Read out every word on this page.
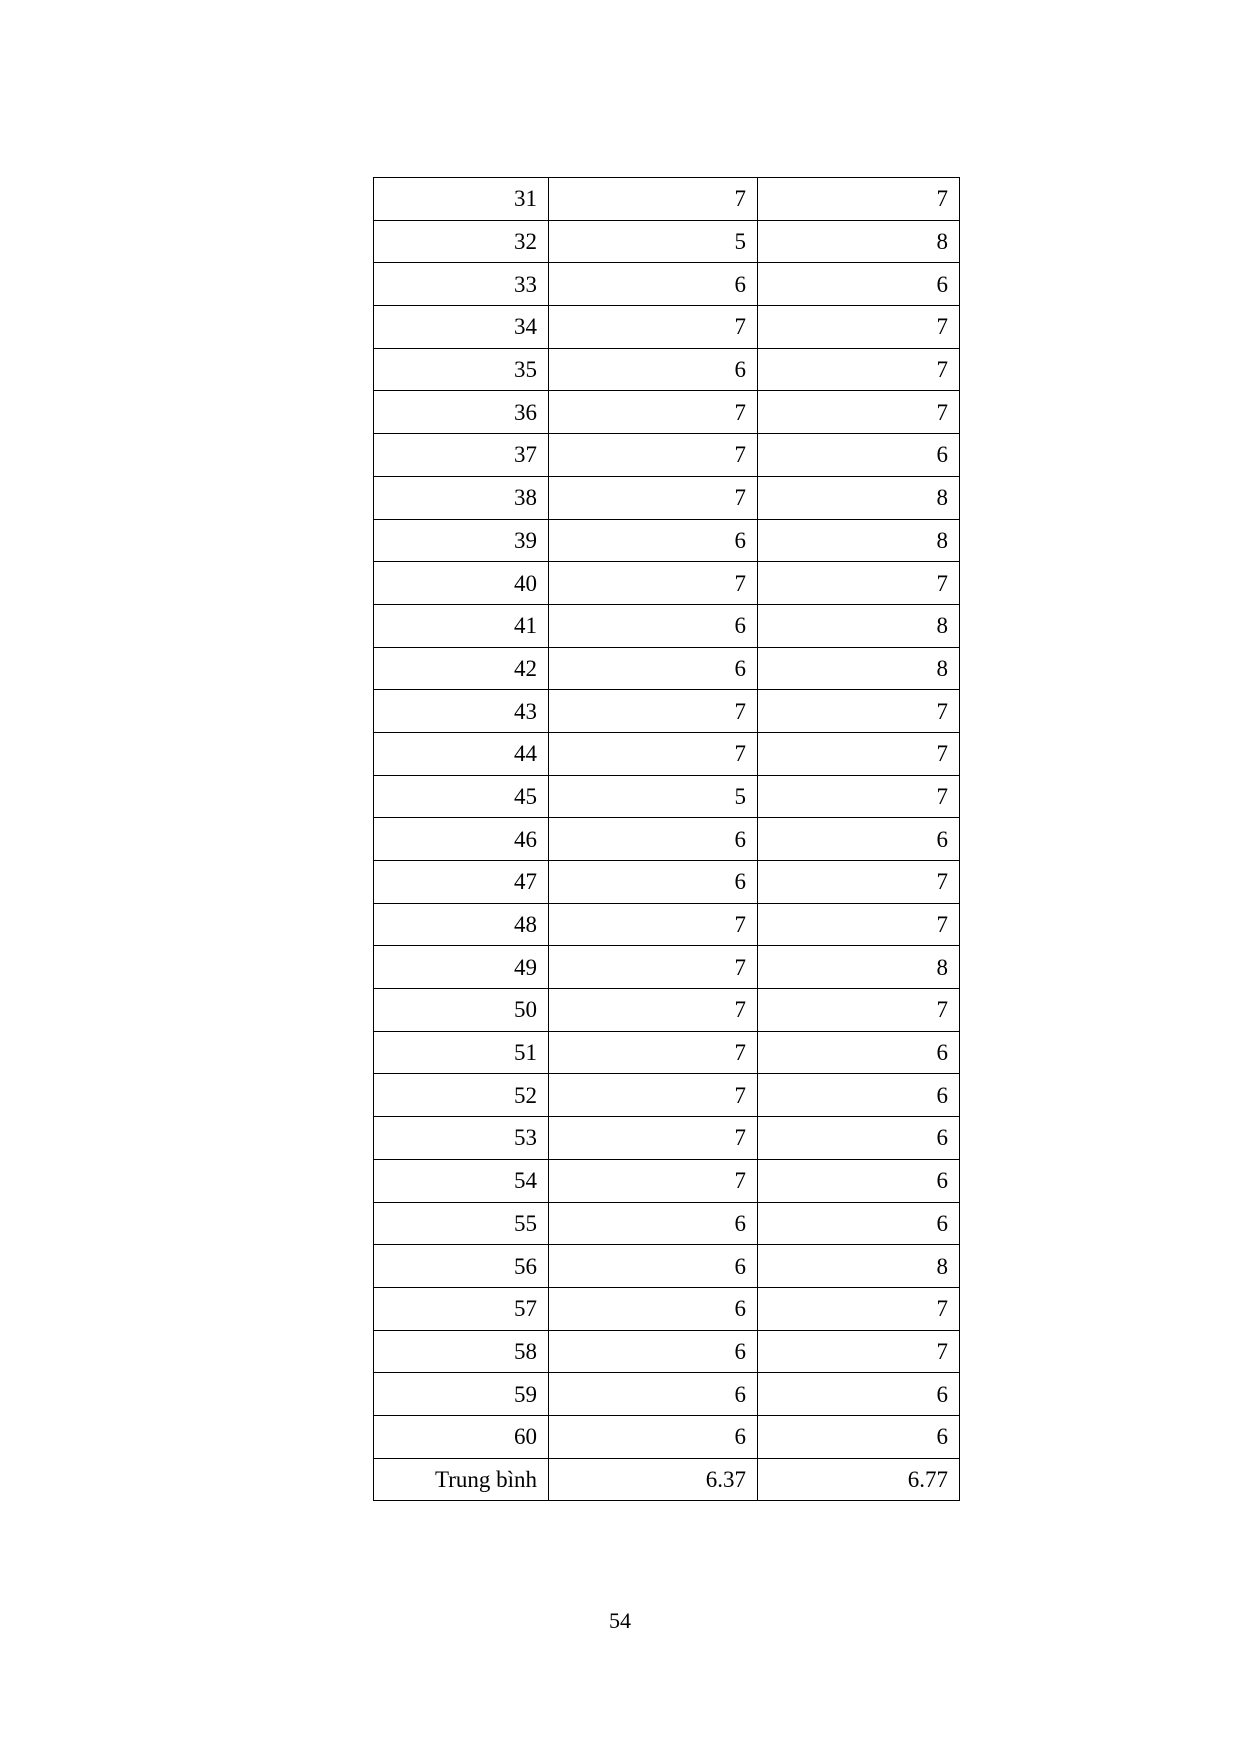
31	7	7
32	5	8
33	6	6
34	7	7
35	6	7
36	7	7
37	7	6
38	7	8
39	6	8
40	7	7
41	6	8
42	6	8
43	7	7
44	7	7
45	5	7
46	6	6
47	6	7
48	7	7
49	7	8
50	7	7
51	7	6
52	7	6
53	7	6
54	7	6
55	6	6
56	6	8
57	6	7
58	6	7
59	6	6
60	6	6
Trung bình	6.37	6.77
54
